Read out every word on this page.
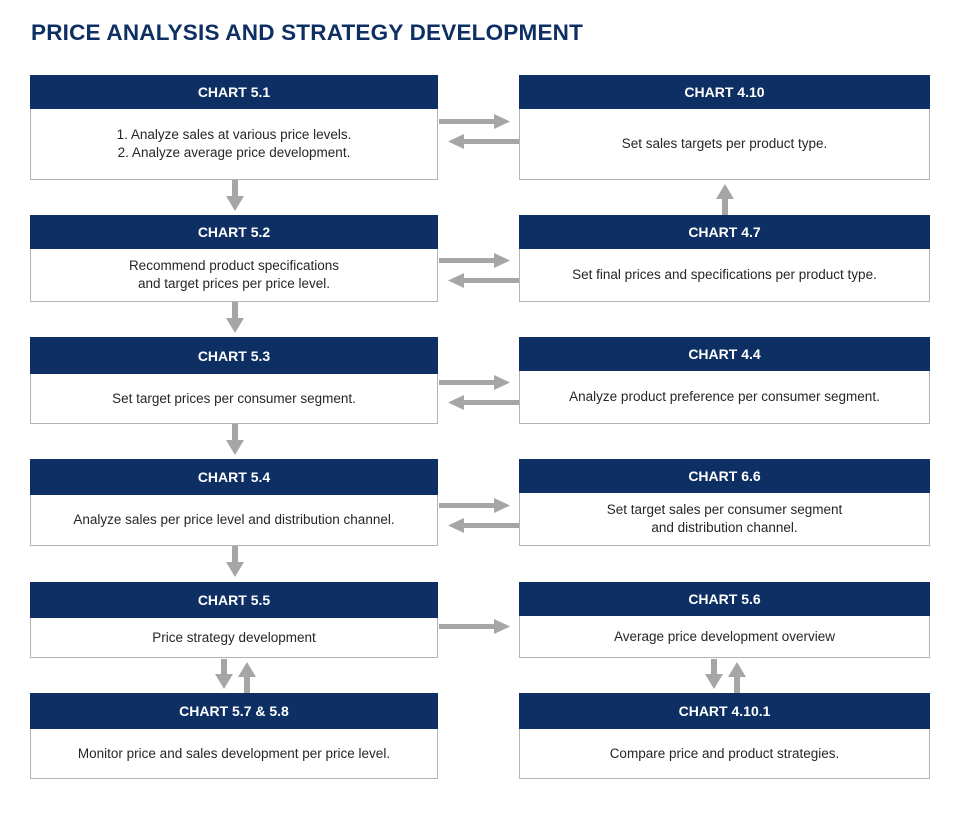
PRICE ANALYSIS AND STRATEGY DEVELOPMENT
CHART 5.1
1. Analyze sales at various price levels.
2. Analyze average price development.
CHART 5.2
Recommend product specifications
and target prices per price level.
CHART 5.3
Set target prices per consumer segment.
CHART 5.4
Analyze sales per price level and distribution channel.
CHART 5.5
Price strategy development
CHART 5.7 & 5.8
Monitor price and sales development per price level.
CHART 4.10
Set sales targets per product type.
CHART 4.7
Set final prices and specifications per product type.
CHART 4.4
Analyze product preference per consumer segment.
CHART 6.6
Set target sales per consumer segment
and distribution channel.
CHART 5.6
Average price development overview
CHART 4.10.1
Compare price and product strategies.
